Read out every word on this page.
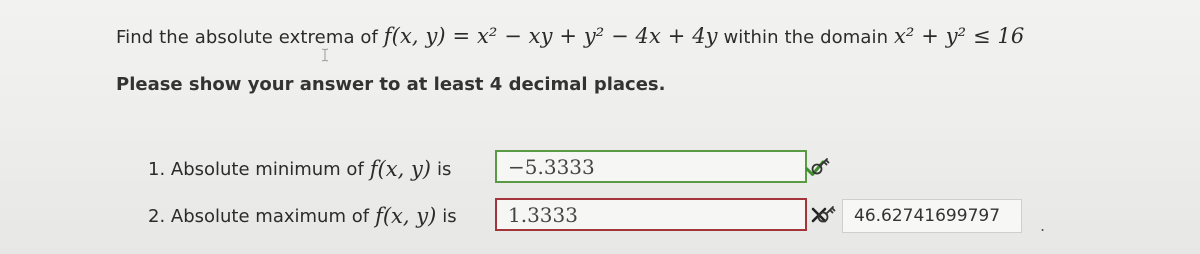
Find the absolute extrema of f(x, y) = x² − xy + y² − 4x + 4y within the domain x² + y² ≤ 16
Please show your answer to at least 4 decimal places.
1. Absolute minimum of f(x, y) is	−5.3333
2. Absolute maximum of f(x, y) is	1.3333	46.62741699797	.
